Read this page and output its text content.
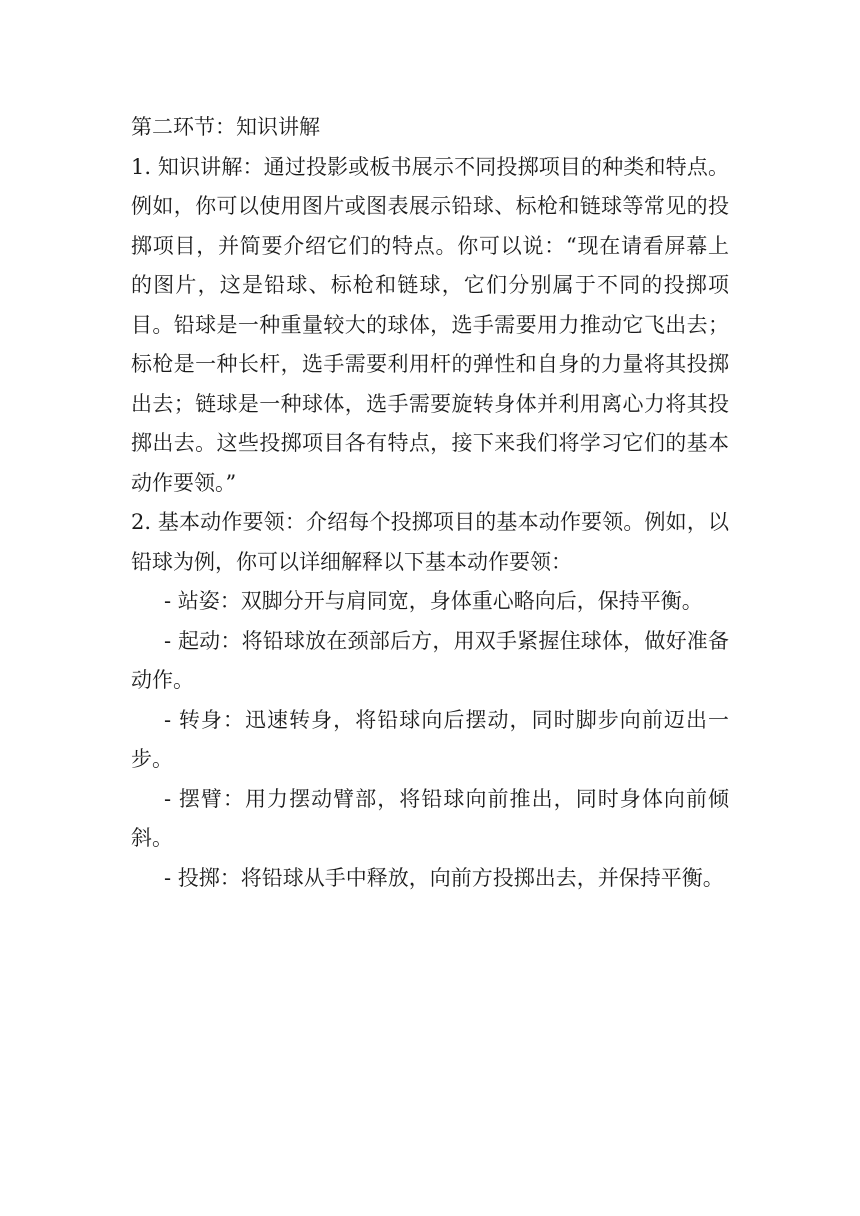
第二环节：知识讲解

1. 知识讲解：通过投影或板书展示不同投掷项目的种类和特点。例如，你可以使用图片或图表展示铅球、标枪和链球等常见的投掷项目，并简要介绍它们的特点。你可以说：“现在请看屏幕上的图片，这是铅球、标枪和链球，它们分别属于不同的投掷项目。铅球是一种重量较大的球体，选手需要用力推动它飞出去；标枪是一种长杆，选手需要利用杆的弹性和自身的力量将其投掷出去；链球是一种球体，选手需要旋转身体并利用离心力将其投掷出去。这些投掷项目各有特点，接下来我们将学习它们的基本动作要领。”

2. 基本动作要领：介绍每个投掷项目的基本动作要领。例如，以铅球为例，你可以详细解释以下基本动作要领：

- 站姿：双脚分开与肩同宽，身体重心略向后，保持平衡。

- 起动：将铅球放在颈部后方，用双手紧握住球体，做好准备动作。

- 转身：迅速转身，将铅球向后摆动，同时脚步向前迈出一步。

- 摆臂：用力摆动臂部，将铅球向前推出，同时身体向前倾斜。

- 投掷：将铅球从手中释放，向前方投掷出去，并保持平衡。
